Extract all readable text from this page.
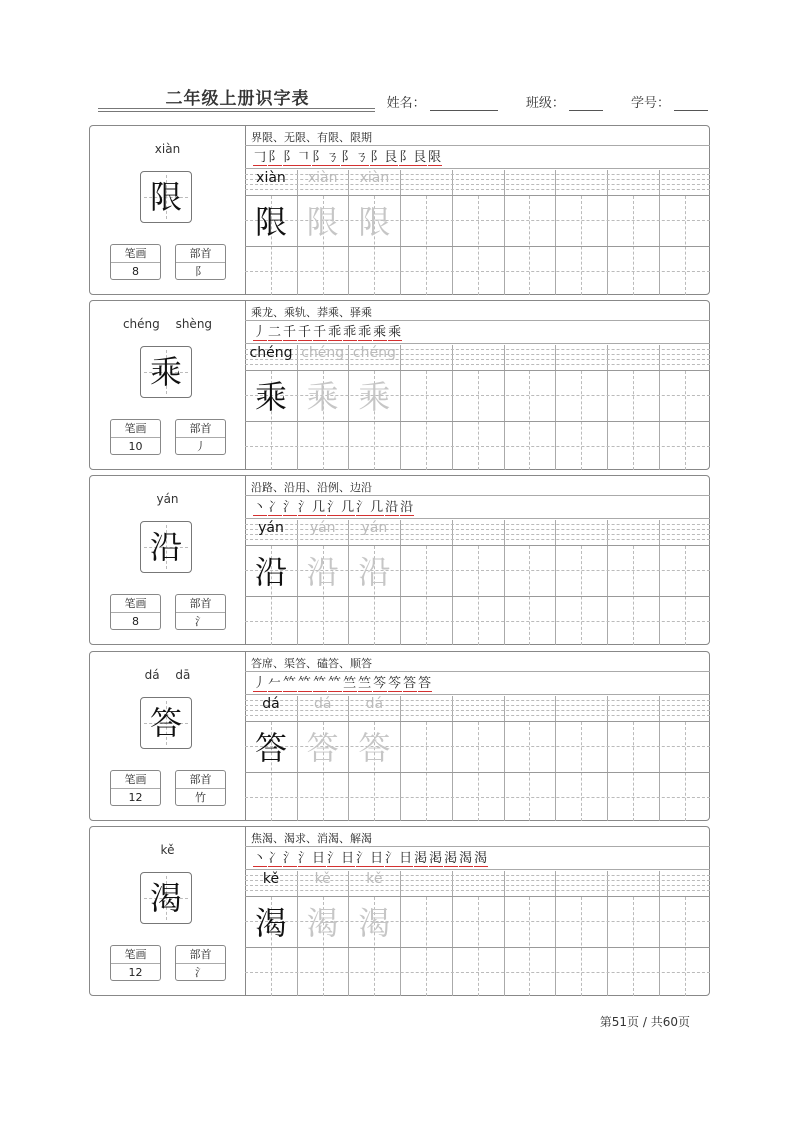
二年级上册识字表	姓名：	班级：	学号：
xiàn
限
笔画
8
部首
阝
界限、无限、有限、限期
𠃌阝阝𠃍阝ㄋ阝ㄋ阝艮阝艮限
xiàn
限
xiàn
限
xiàn
限
chéng shèng
乘
笔画
10
部首
丿
乘龙、乘轨、莽乘、驿乘
丿二千千千乖乖乖乘乘
chéng
乘
chéng
乘
chéng
乘
yán
沿
笔画
8
部首
氵
沿路、沿用、沿例、边沿
丶冫氵氵几氵几氵几沿沿
yán
沿
yán
沿
yán
沿
dá dā
答
笔画
12
部首
竹
答席、渠答、磕答、顺答
丿𠂉𥫗𥫗𥫗𥫗竺竺笒笒答答
dá
答
dá
答
dá
答
kě
渴
笔画
12
部首
氵
焦渴、渴求、消渴、解渴
丶冫氵氵日氵日氵日氵日渇渇渇渴渴
kě
渴
kě
渴
kě
渴
第51页 / 共60页
